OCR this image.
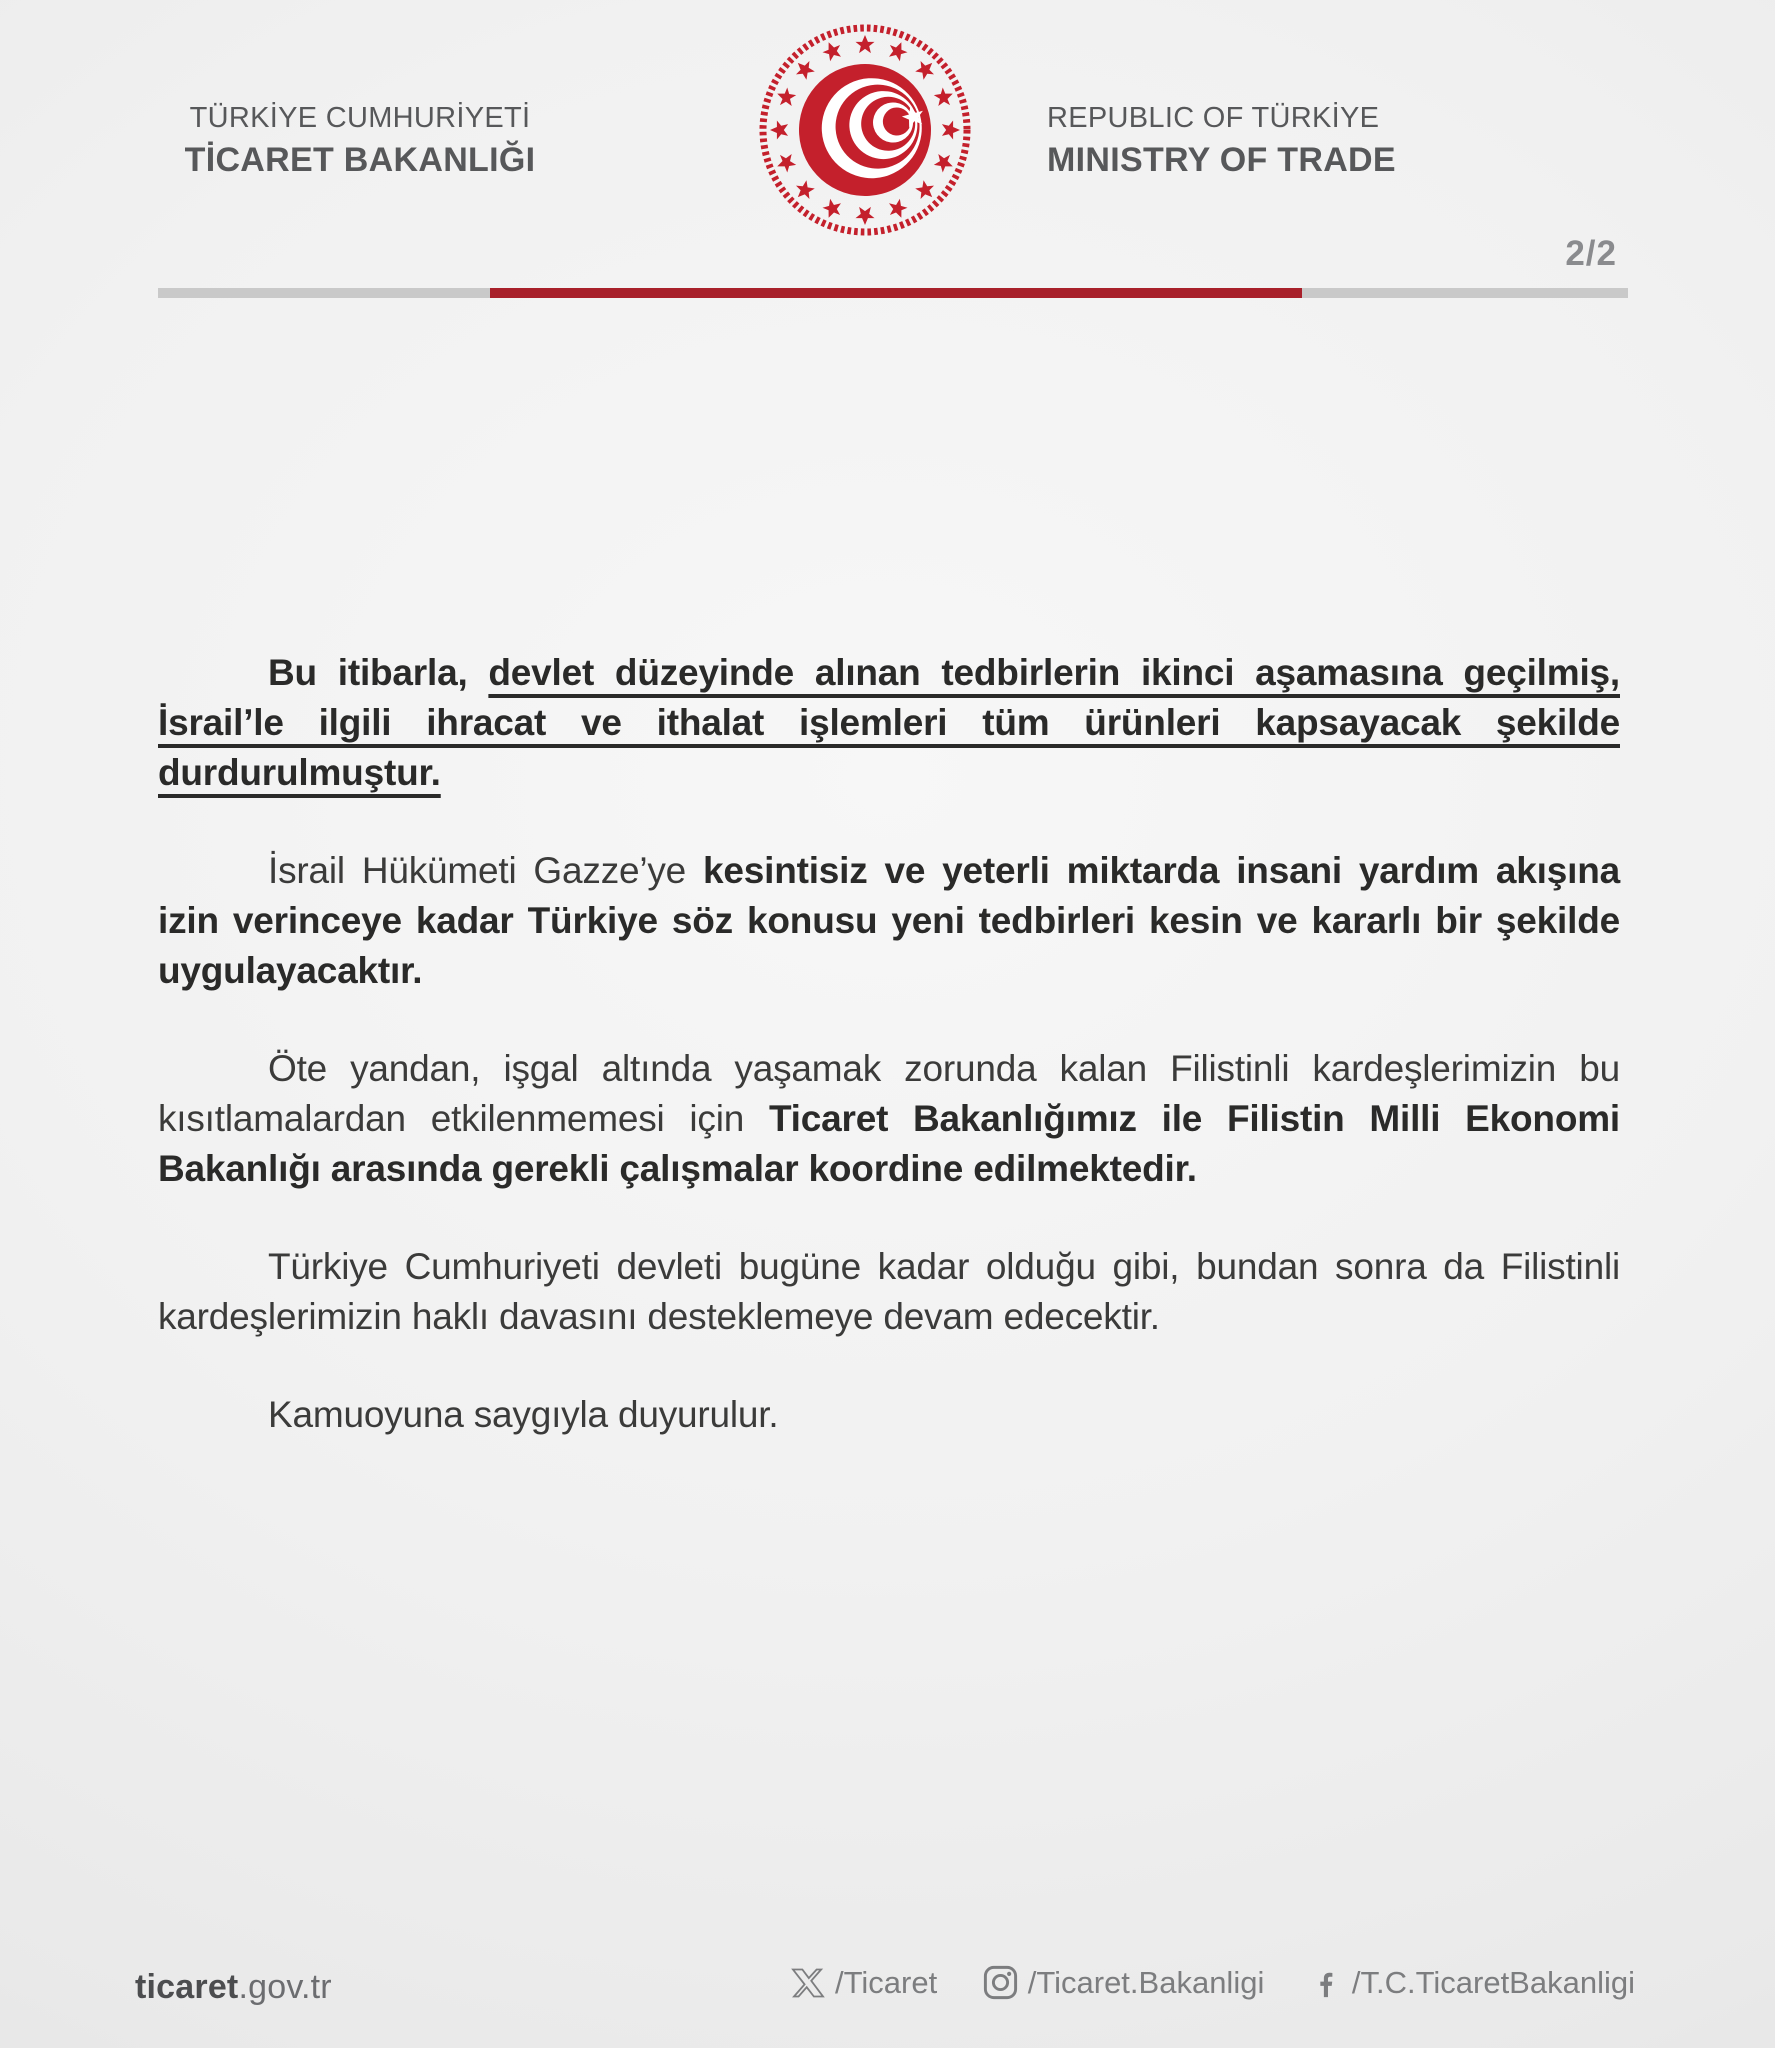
TÜRKİYE CUMHURİYETİ
TİCARET BAKANLIĞI
REPUBLIC OF TÜRKİYE
MINISTRY OF TRADE
2/2

Bu itibarla, devlet düzeyinde alınan tedbirlerin ikinci aşamasına geçilmiş, İsrail’le ilgili ihracat ve ithalat işlemleri tüm ürünleri kapsayacak şekilde durdurulmuştur.

İsrail Hükümeti Gazze’ye kesintisiz ve yeterli miktarda insani yardım akışına izin verinceye kadar Türkiye söz konusu yeni tedbirleri kesin ve kararlı bir şekilde uygulayacaktır.

Öte yandan, işgal altında yaşamak zorunda kalan Filistinli kardeşlerimizin bu kısıtlamalardan etkilenmemesi için Ticaret Bakanlığımız ile Filistin Milli Ekonomi Bakanlığı arasında gerekli çalışmalar koordine edilmektedir.

Türkiye Cumhuriyeti devleti bugüne kadar olduğu gibi, bundan sonra da Filistinli kardeşlerimizin haklı davasını desteklemeye devam edecektir.

Kamuoyuna saygıyla duyurulur.

ticaret.gov.tr	/Ticaret	/Ticaret.Bakanligi	/T.C.TicaretBakanligi
